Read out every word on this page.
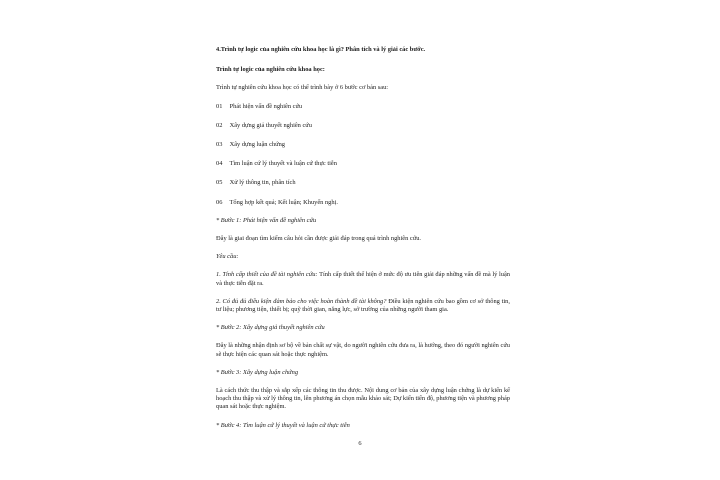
4.Trình tự logic của nghiên cứu khoa học là gì? Phân tích và lý giải các bước.
Trình tự logic của nghiên cứu khoa học:

Trình tự nghiên cứu khoa học có thể trình bày ở 6 bước cơ bản sau:

01 Phát hiện vấn đề nghiên cứu
02 Xây dựng giả thuyết nghiên cứu
03 Xây dựng luận chứng
04 Tìm luận cứ lý thuyết và luận cứ thực tiễn
05 Xử lý thông tin, phân tích
06 Tổng hợp kết quả; Kết luận; Khuyến nghị.

* Bước 1: Phát hiện vấn đề nghiên cứu

Đây là giai đoạn tìm kiếm câu hỏi cần được giải đáp trong quá trình nghiên cứu.

Yêu cầu:

1. Tính cấp thiết của đề tài nghiên cứu: Tính cấp thiết thể hiện ở mức độ ưu tiên giải đáp những vấn đề mà lý luận và thực tiễn đặt ra.

2. Có đủ đủ điều kiện đảm bảo cho việc hoàn thành đề tài không? Điều kiện nghiên cứu bao gồm cơ sở thông tin, tư liệu; phương tiện, thiết bị; quỹ thời gian, năng lực, sở trường của những người tham gia.

* Bước 2: Xây dựng giả thuyết nghiên cứu

Đây là những nhận định sơ bộ về bản chất sự vật, do người nghiên cứu đưa ra, là hướng, theo đó người nghiên cứu sẽ thực hiện các quan sát hoặc thực nghiệm.

* Bước 3: Xây dựng luận chứng

Là cách thức thu thập và sắp xếp các thông tin thu được. Nội dung cơ bản của xây dựng luận chứng là dự kiến kế hoạch thu thập và xử lý thông tin, lên phương án chọn mẫu khảo sát; Dự kiến tiến độ, phương tiện và phương pháp quan sát hoặc thực nghiệm.

* Bước 4: Tìm luận cứ lý thuyết và luận cứ thực tiễn

6
